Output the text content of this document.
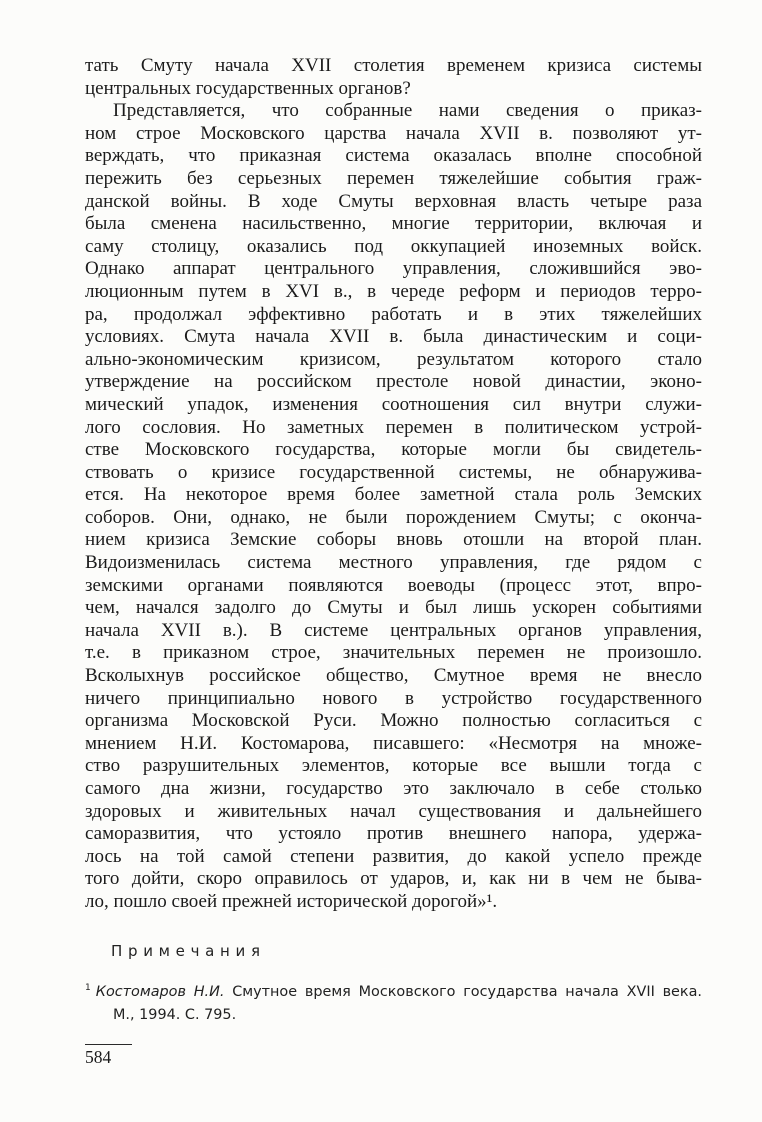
тать Смуту начала XVII столетия временем кризиса системы
центральных государственных органов?
Представляется, что собранные нами сведения о приказ-
ном строе Московского царства начала XVII в. позволяют ут-
верждать, что приказная система оказалась вполне способной
пережить без серьезных перемен тяжелейшие события граж-
данской войны. В ходе Смуты верховная власть четыре раза
была сменена насильственно, многие территории, включая и
саму столицу, оказались под оккупацией иноземных войск.
Однако аппарат центрального управления, сложившийся эво-
люционным путем в XVI в., в череде реформ и периодов терро-
ра, продолжал эффективно работать и в этих тяжелейших
условиях. Смута начала XVII в. была династическим и соци-
ально-экономическим кризисом, результатом которого стало
утверждение на российском престоле новой династии, эконо-
мический упадок, изменения соотношения сил внутри служи-
лого сословия. Но заметных перемен в политическом устрой-
стве Московского государства, которые могли бы свидетель-
ствовать о кризисе государственной системы, не обнаружива-
ется. На некоторое время более заметной стала роль Земских
соборов. Они, однако, не были порождением Смуты; с оконча-
нием кризиса Земские соборы вновь отошли на второй план.
Видоизменилась система местного управления, где рядом с
земскими органами появляются воеводы (процесс этот, впро-
чем, начался задолго до Смуты и был лишь ускорен событиями
начала XVII в.). В системе центральных органов управления,
т.е. в приказном строе, значительных перемен не произошло.
Всколыхнув российское общество, Смутное время не внесло
ничего принципиально нового в устройство государственного
организма Московской Руси. Можно полностью согласиться с
мнением Н.И. Костомарова, писавшего: «Несмотря на множе-
ство разрушительных элементов, которые все вышли тогда с
самого дна жизни, государство это заключало в себе столько
здоровых и живительных начал существования и дальнейшего
саморазвития, что устояло против внешнего напора, удержа-
лось на той самой степени развития, до какой успело прежде
того дойти, скоро оправилось от ударов, и, как ни в чем не быва-
ло, пошло своей прежней исторической дорогой»¹.
Примечания
$^1$ Костомаров Н.И. Смутное время Московского государства начала XVII века.
М., 1994. С. 795.
584
